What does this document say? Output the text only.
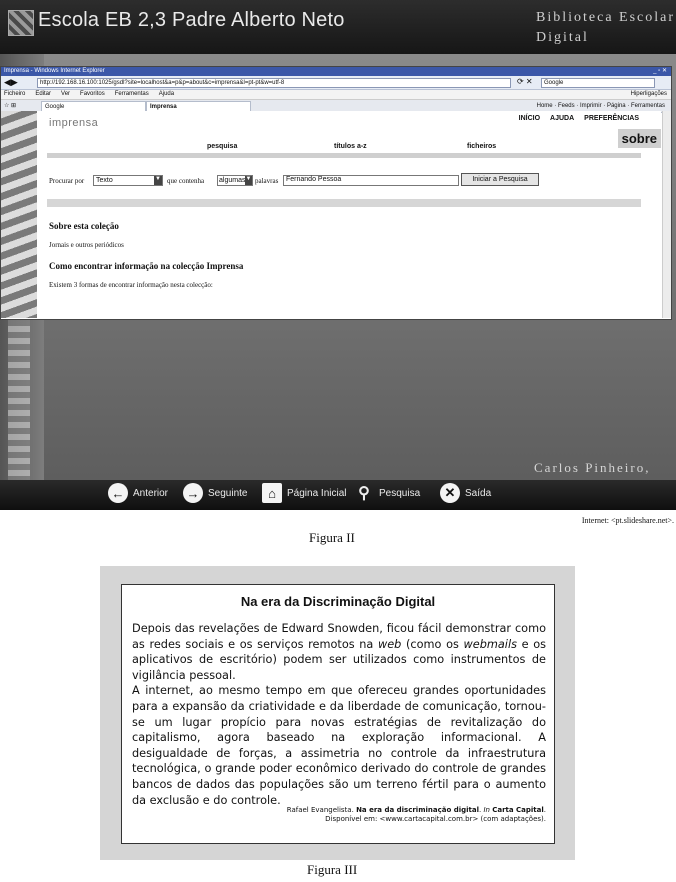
Escola EB 2,3 Padre Alberto Neto	Biblioteca Escolar Digital
Imprensa - Windows Internet Explorer	_ ▫ ✕
◀▶	http://192.168.16.100:1025/gsdl?site=localhost&a=p&p=about&c=imprensa&l=pt-pt&w=utf-8	⟳ ✕	Google
Ficheiro Editar Ver Favoritos Ferramentas Ajuda	Hiperligações
☆ ⊞	Google	Imprensa	Home · Feeds · Imprimir · Página · Ferramentas
imprensa	INÍCIO AJUDA PREFERÊNCIAS
sobre
pesquisa	títulos a-z	ficheiros
Procurar por	Texto	▼ que contenha algumas ▼ palavras	Fernando Pessoa	Iniciar a Pesquisa
Sobre esta coleção
Jornais e outros periódicos
Como encontrar informação na colecção Imprensa
Existem 3 formas de encontrar informação nesta colecção:
Carlos Pinheiro,
← Anterior → Seguinte	⌂	Página Inicial ⚲ Pesquisa	✕ Saída
Internet: <pt.slideshare.net>.
Figura II
Na era da Discriminação Digital

Depois das revelações de Edward Snowden, ficou fácil demonstrar como as redes sociais e os serviços remotos na web (como os webmails e os aplicativos de escritório) podem ser utilizados como instrumentos de vigilância pessoal.

A internet, ao mesmo tempo em que ofereceu grandes oportunidades para a expansão da criatividade e da liberdade de comunicação, tornou-se um lugar propício para novas estratégias de revitalização do capitalismo, agora baseado na exploração informacional. A desigualdade de forças, a assimetria no controle da infraestrutura tecnológica, o grande poder econômico derivado do controle de grandes bancos de dados das populações são um terreno fértil para o aumento da exclusão e do controle.

Rafael Evangelista. Na era da discriminação digital. In Carta Capital.
Disponível em: <www.cartacapital.com.br> (com adaptações).
Figura III
